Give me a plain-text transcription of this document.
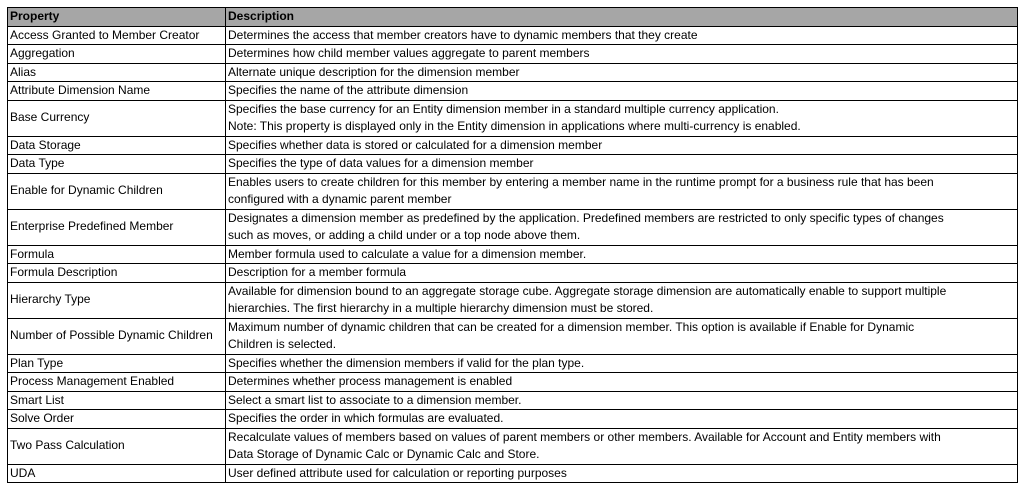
Property	Description
Access Granted to Member Creator	Determines the access that member creators have to dynamic members that they create

Aggregation	Determines how child member values aggregate to parent members

Alias	Alternate unique description for the dimension member

Attribute Dimension Name	Specifies the name of the attribute dimension

Base Currency	Specifies the base currency for an Entity dimension member in a standard multiple currency application.
Note: This property is displayed only in the Entity dimension in applications where multi-currency is enabled.

Data Storage	Specifies whether data is stored or calculated for a dimension member

Data Type	Specifies the type of data values for a dimension member

Enable for Dynamic Children	Enables users to create children for this member by entering a member name in the runtime prompt for a business rule that has been
configured with a dynamic parent member

Enterprise Predefined Member	Designates a dimension member as predefined by the application. Predefined members are restricted to only specific types of changes
such as moves, or adding a child under or a top node above them.

Formula	Member formula used to calculate a value for a dimension member.

Formula Description	Description for a member formula

Hierarchy Type	Available for dimension bound to an aggregate storage cube. Aggregate storage dimension are automatically enable to support multiple
hierarchies. The first hierarchy in a multiple hierarchy dimension must be stored.

Number of Possible Dynamic Children	Maximum number of dynamic children that can be created for a dimension member. This option is available if Enable for Dynamic
Children is selected.

Plan Type	Specifies whether the dimension members if valid for the plan type.

Process Management Enabled	Determines whether process management is enabled

Smart List	Select a smart list to associate to a dimension member.

Solve Order	Specifies the order in which formulas are evaluated.

Two Pass Calculation	Recalculate values of members based on values of parent members or other members. Available for Account and Entity members with
Data Storage of Dynamic Calc or Dynamic Calc and Store.

UDA	User defined attribute used for calculation or reporting purposes
